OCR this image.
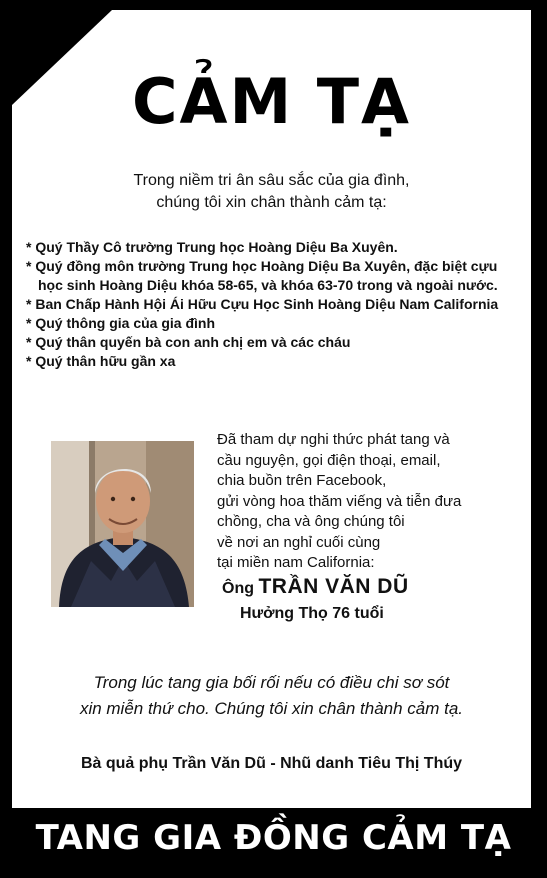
CẢM TẠ
Trong niềm tri ân sâu sắc của gia đình,
chúng tôi xin chân thành cảm tạ:
* Quý Thầy Cô trường Trung học Hoàng Diệu Ba Xuyên.
* Quý đồng môn trường Trung học Hoàng Diệu Ba Xuyên, đặc biệt cựu học sinh Hoàng Diệu khóa 58-65, và khóa 63-70 trong và ngoài nước.
* Ban Chấp Hành Hội Ái Hữu Cựu Học Sinh Hoàng Diệu Nam California
* Quý thông gia của gia đình
* Quý thân quyến bà con anh chị em và các cháu
* Quý thân hữu gần xa
Đã tham dự nghi thức phát tang và
cầu nguyện, gọi điện thoại, email,
chia buồn trên Facebook,
gửi vòng hoa thăm viếng và tiễn đưa
chồng, cha và ông chúng tôi
về nơi an nghỉ cuối cùng
tại miền nam California:
Ông TRẦN VĂN DŨ
Hưởng Thọ 76 tuổi
Trong lúc tang gia bối rối nếu có điều chi sơ sót
xin miễn thứ cho. Chúng tôi xin chân thành cảm tạ.
Bà quả phụ Trần Văn Dũ - Nhũ danh Tiêu Thị Thúy
TANG GIA ĐỒNG CẢM TẠ
